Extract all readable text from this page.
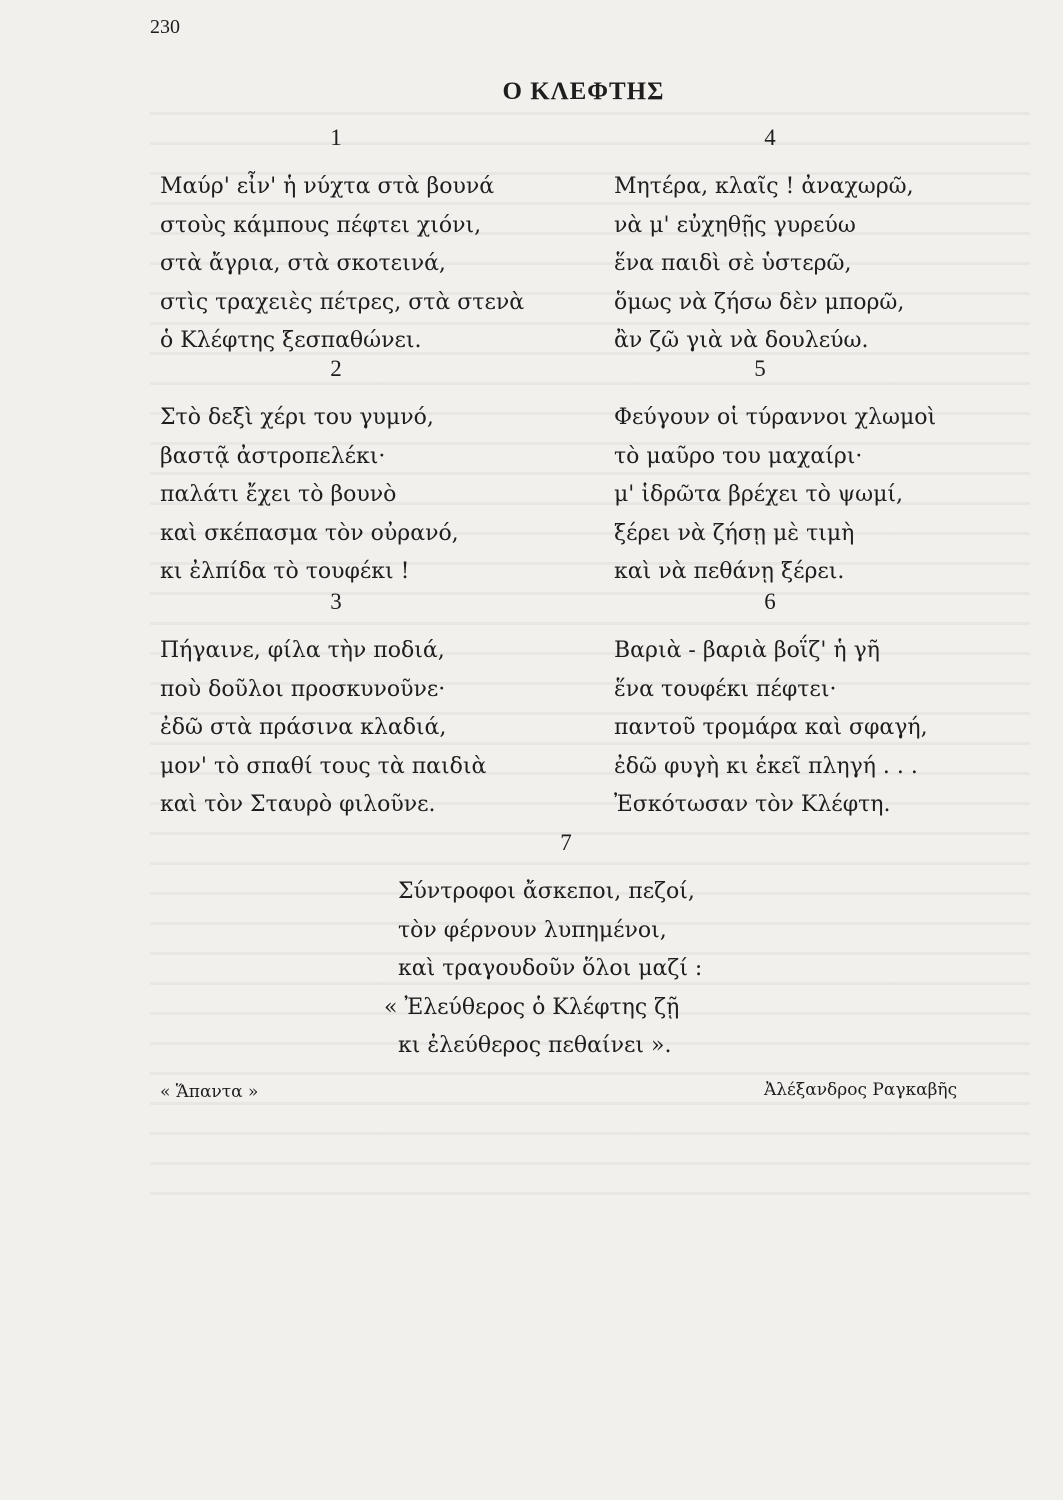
230
Ο ΚΛΕΦΤΗΣ
1
Μαύρ' εἶν' ἡ νύχτα στὰ βουνά
στοὺς κάμπους πέφτει χιόνι,
στὰ ἄγρια, στὰ σκοτεινά,
στὶς τραχειὲς πέτρες, στὰ στενὰ
ὁ Κλέφτης ξεσπαθώνει.
2
Στὸ δεξὶ χέρι του γυμνό,
βαστᾷ ἀστροπελέκι·
παλάτι ἔχει τὸ βουνὸ
καὶ σκέπασμα τὸν οὐρανό,
κι ἐλπίδα τὸ τουφέκι !
3
Πήγαινε, φίλα τὴν ποδιά,
ποὺ δοῦλοι προσκυνοῦνε·
ἐδῶ στὰ πράσινα κλαδιά,
μον' τὸ σπαθί τους τὰ παιδιὰ
καὶ τὸν Σταυρὸ φιλοῦνε.
4
Μητέρα, κλαῖς ! ἀναχωρῶ,
νὰ μ' εὐχηθῇς γυρεύω
ἕνα παιδὶ σὲ ὑστερῶ,
ὅμως νὰ ζήσω δὲν μπορῶ,
ἂν ζῶ γιὰ νὰ δουλεύω.
5
Φεύγουν οἱ τύραννοι χλωμοὶ
τὸ μαῦρο του μαχαίρι·
μ' ἱδρῶτα βρέχει τὸ ψωμί,
ξέρει νὰ ζήσῃ μὲ τιμὴ
καὶ νὰ πεθάνῃ ξέρει.
6
Βαριὰ - βαριὰ βοΐζ' ἡ γῆ
ἕνα τουφέκι πέφτει·
παντοῦ τρομάρα καὶ σφαγή,
ἐδῶ φυγὴ κι ἐκεῖ πληγή . . .
Ἐσκότωσαν τὸν Κλέφτη.
7
Σύντροφοι ἄσκεποι, πεζοί,
τὸν φέρνουν λυπημένοι,
καὶ τραγουδοῦν ὅλοι μαζί :
« Ἐλεύθερος ὁ Κλέφτης ζῇ
κι ἐλεύθερος πεθαίνει ».
« Ἅπαντα »	Ἀλέξανδρος Ραγκαβῆς
